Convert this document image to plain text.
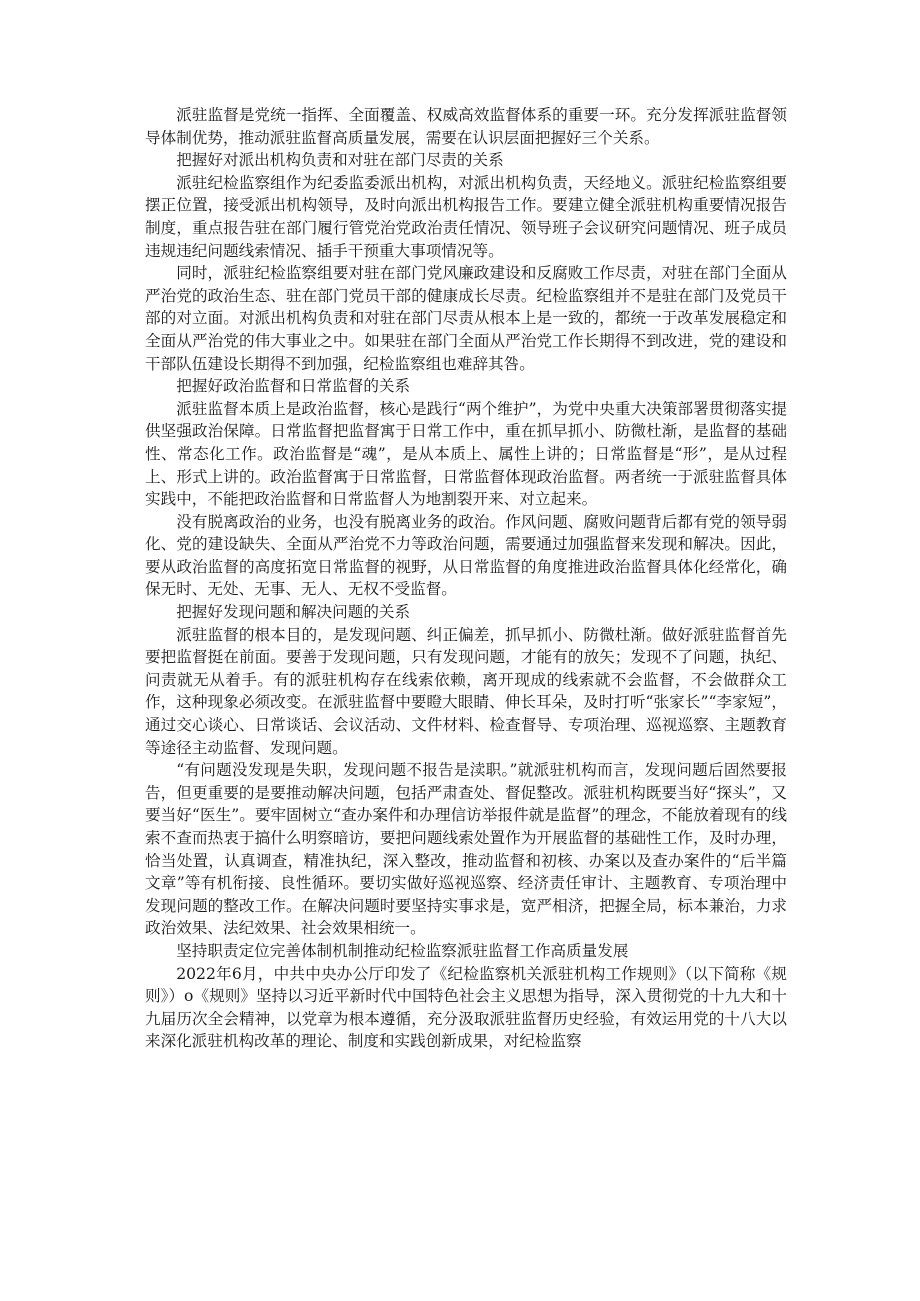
派驻监督是党统一指挥、全面覆盖、权威高效监督体系的重要一环。充分发挥派驻监督领导体制优势，推动派驻监督高质量发展，需要在认识层面把握好三个关系。

把握好对派出机构负责和对驻在部门尽责的关系

派驻纪检监察组作为纪委监委派出机构，对派出机构负责，天经地义。派驻纪检监察组要摆正位置，接受派出机构领导，及时向派出机构报告工作。要建立健全派驻机构重要情况报告制度，重点报告驻在部门履行管党治党政治责任情况、领导班子会议研究问题情况、班子成员违规违纪问题线索情况、插手干预重大事项情况等。

同时，派驻纪检监察组要对驻在部门党风廉政建设和反腐败工作尽责，对驻在部门全面从严治党的政治生态、驻在部门党员干部的健康成长尽责。纪检监察组并不是驻在部门及党员干部的对立面。对派出机构负责和对驻在部门尽责从根本上是一致的，都统一于改革发展稳定和全面从严治党的伟大事业之中。如果驻在部门全面从严治党工作长期得不到改进，党的建设和干部队伍建设长期得不到加强，纪检监察组也难辞其咎。

把握好政治监督和日常监督的关系

派驻监督本质上是政治监督，核心是践行“两个维护”，为党中央重大决策部署贯彻落实提供坚强政治保障。日常监督把监督寓于日常工作中，重在抓早抓小、防微杜渐，是监督的基础性、常态化工作。政治监督是“魂”，是从本质上、属性上讲的；日常监督是“形”，是从过程上、形式上讲的。政治监督寓于日常监督，日常监督体现政治监督。两者统一于派驻监督具体实践中，不能把政治监督和日常监督人为地割裂开来、对立起来。

没有脱离政治的业务，也没有脱离业务的政治。作风问题、腐败问题背后都有党的领导弱化、党的建设缺失、全面从严治党不力等政治问题，需要通过加强监督来发现和解决。因此，要从政治监督的高度拓宽日常监督的视野，从日常监督的角度推进政治监督具体化经常化，确保无时、无处、无事、无人、无权不受监督。

把握好发现问题和解决问题的关系

派驻监督的根本目的，是发现问题、纠正偏差，抓早抓小、防微杜渐。做好派驻监督首先要把监督挺在前面。要善于发现问题，只有发现问题，才能有的放矢；发现不了问题，执纪、问责就无从着手。有的派驻机构存在线索依赖，离开现成的线索就不会监督，不会做群众工作，这种现象必须改变。在派驻监督中要瞪大眼睛、伸长耳朵，及时打听“张家长”“李家短”，通过交心谈心、日常谈话、会议活动、文件材料、检查督导、专项治理、巡视巡察、主题教育等途径主动监督、发现问题。

“有问题没发现是失职，发现问题不报告是渎职。”就派驻机构而言，发现问题后固然要报告，但更重要的是要推动解决问题，包括严肃查处、督促整改。派驻机构既要当好“探头”，又要当好“医生”。要牢固树立“查办案件和办理信访举报件就是监督”的理念，不能放着现有的线索不查而热衷于搞什么明察暗访，要把问题线索处置作为开展监督的基础性工作，及时办理，恰当处置，认真调查，精准执纪，深入整改，推动监督和初核、办案以及查办案件的“后半篇文章”等有机衔接、良性循环。要切实做好巡视巡察、经济责任审计、主题教育、专项治理中发现问题的整改工作。在解决问题时要坚持实事求是，宽严相济，把握全局，标本兼治，力求政治效果、法纪效果、社会效果相统一。

坚持职责定位完善体制机制推动纪检监察派驻监督工作高质量发展

2022年6月，中共中央办公厅印发了《纪检监察机关派驻机构工作规则》（以下简称《规则》）o《规则》坚持以习近平新时代中国特色社会主义思想为指导，深入贯彻党的十九大和十九届历次全会精神，以党章为根本遵循，充分汲取派驻监督历史经验，有效运用党的十八大以来深化派驻机构改革的理论、制度和实践创新成果，对纪检监察
